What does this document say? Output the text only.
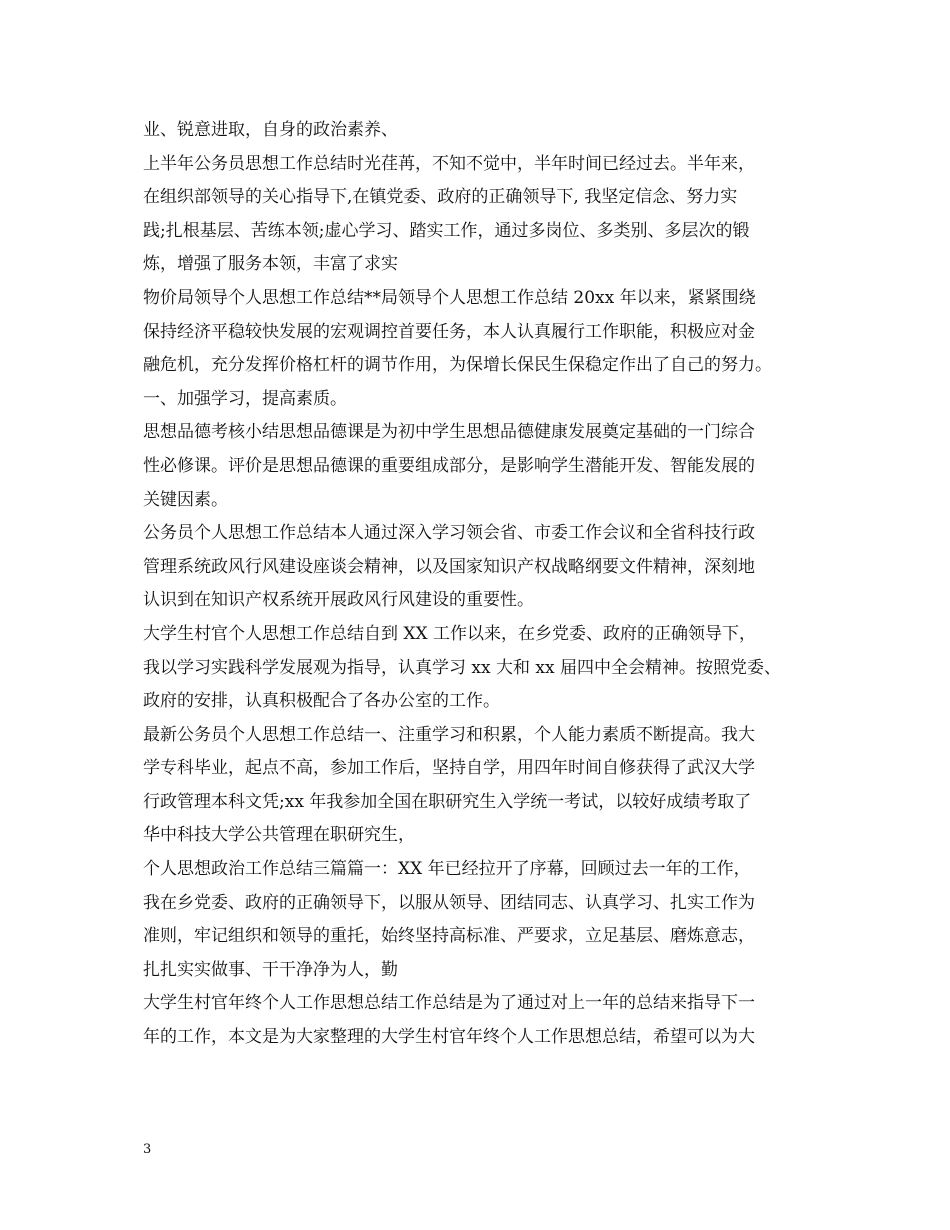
业、锐意进取，自身的政治素养、
上半年公务员思想工作总结时光荏苒，不知不觉中，半年时间已经过去。半年来，
在组织部领导的关心指导下,在镇党委、政府的正确领导下, 我坚定信念、努力实
践;扎根基层、苦练本领;虚心学习、踏实工作，通过多岗位、多类别、多层次的锻
炼，增强了服务本领，丰富了求实
物价局领导个人思想工作总结**局领导个人思想工作总结 20xx 年以来，紧紧围绕
保持经济平稳较快发展的宏观调控首要任务，本人认真履行工作职能，积极应对金
融危机，充分发挥价格杠杆的调节作用，为保增长保民生保稳定作出了自己的努力。
一、加强学习，提高素质。
思想品德考核小结思想品德课是为初中学生思想品德健康发展奠定基础的一门综合
性必修课。评价是思想品德课的重要组成部分，是影响学生潜能开发、智能发展的
关键因素。
公务员个人思想工作总结本人通过深入学习领会省、市委工作会议和全省科技行政
管理系统政风行风建设座谈会精神，以及国家知识产权战略纲要文件精神，深刻地
认识到在知识产权系统开展政风行风建设的重要性。
大学生村官个人思想工作总结自到 XX 工作以来，在乡党委、政府的正确领导下，
我以学习实践科学发展观为指导，认真学习 xx 大和 xx 届四中全会精神。按照党委、
政府的安排，认真积极配合了各办公室的工作。
最新公务员个人思想工作总结一、注重学习和积累，个人能力素质不断提高。我大
学专科毕业，起点不高，参加工作后，坚持自学，用四年时间自修获得了武汉大学
行政管理本科文凭;xx 年我参加全国在职研究生入学统一考试，以较好成绩考取了
华中科技大学公共管理在职研究生，
个人思想政治工作总结三篇篇一：XX 年已经拉开了序幕，回顾过去一年的工作，
我在乡党委、政府的正确领导下，以服从领导、团结同志、认真学习、扎实工作为
准则，牢记组织和领导的重托，始终坚持高标准、严要求，立足基层、磨炼意志，
扎扎实实做事、干干净净为人，勤
大学生村官年终个人工作思想总结工作总结是为了通过对上一年的总结来指导下一
年的工作，本文是为大家整理的大学生村官年终个人工作思想总结，希望可以为大
3
